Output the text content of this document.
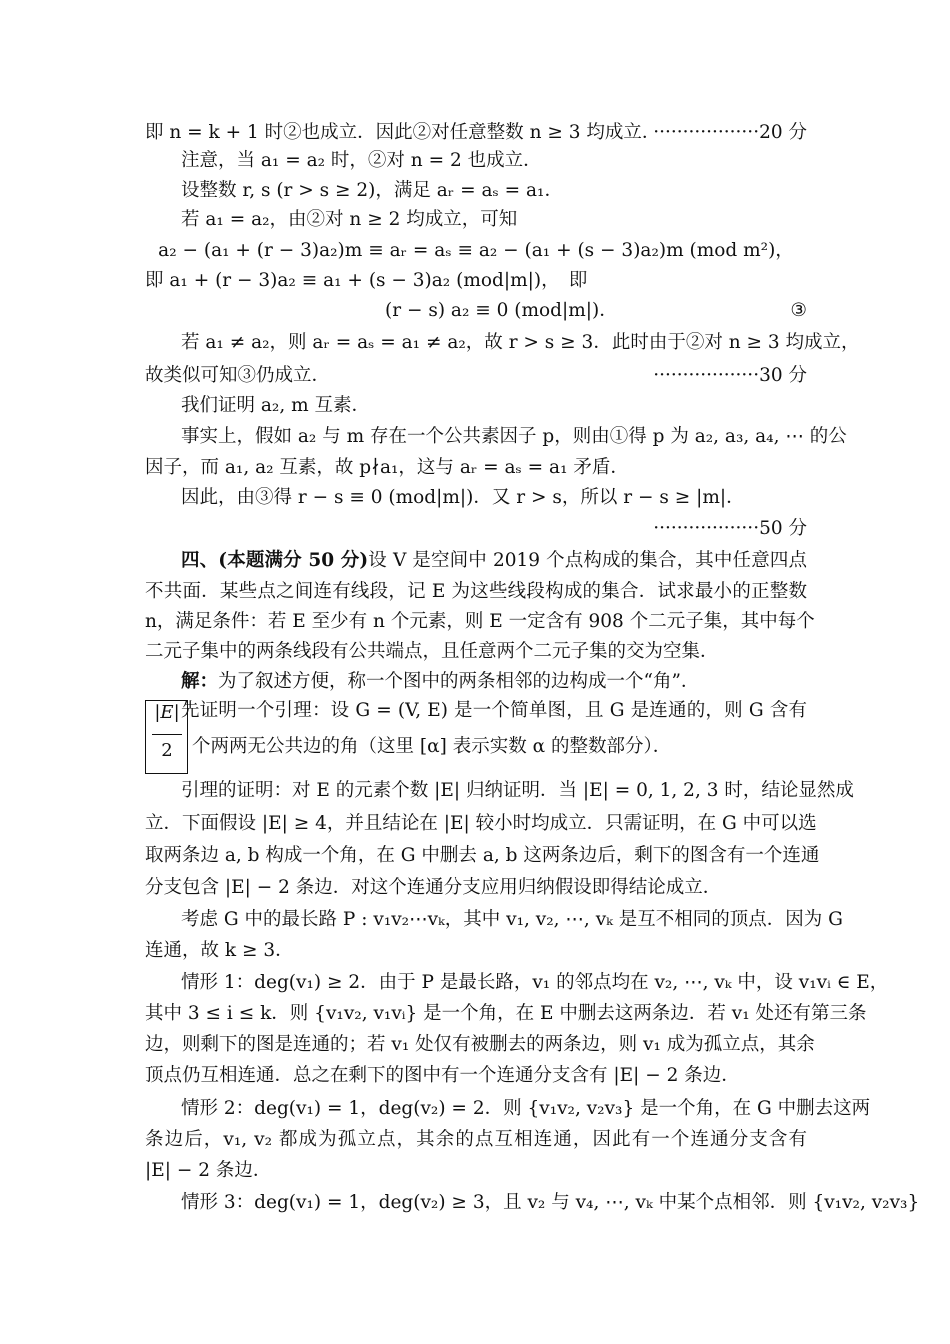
即 n = k + 1 时②也成立．因此②对任意整数 n ≥ 3 均成立．
··················20 分
注意，当 a₁ = a₂ 时，②对 n = 2 也成立．
设整数 r, s (r > s ≥ 2)，满足 aᵣ = aₛ = a₁．
若 a₁ = a₂，由②对 n ≥ 2 均成立，可知
a₂ − (a₁ + (r − 3)a₂)m ≡ aᵣ = aₛ ≡ a₂ − (a₁ + (s − 3)a₂)m (mod m²)，
即 a₁ + (r − 3)a₂ ≡ a₁ + (s − 3)a₂ (mod|m|)，　即
(r − s) a₂ ≡ 0 (mod|m|)．	③
若 a₁ ≠ a₂，则 aᵣ = aₛ = a₁ ≠ a₂，故 r > s ≥ 3．此时由于②对 n ≥ 3 均成立，
故类似可知③仍成立．	··················30 分
我们证明 a₂, m 互素．
事实上，假如 a₂ 与 m 存在一个公共素因子 p，则由①得 p 为 a₂, a₃, a₄, ⋯ 的公
因子，而 a₁, a₂ 互素，故 p∤a₁，这与 aᵣ = aₛ = a₁ 矛盾．
因此，由③得 r − s ≡ 0 (mod|m|)．又 r > s，所以 r − s ≥ |m|．
··················50 分
四、(本题满分 50 分)设 V 是空间中 2019 个点构成的集合，其中任意四点
不共面．某些点之间连有线段，记 E 为这些线段构成的集合．试求最小的正整数
n，满足条件：若 E 至少有 n 个元素，则 E 一定含有 908 个二元子集，其中每个
二元子集中的两条线段有公共端点，且任意两个二元子集的交为空集．
解：为了叙述方便，称一个图中的两条相邻的边构成一个“角”．
先证明一个引理：设 G = (V, E) 是一个简单图，且 G 是连通的，则 G 含有
|E|
2	个两两无公共边的角（这里 [α] 表示实数 α 的整数部分）．
引理的证明：对 E 的元素个数 |E| 归纳证明．当 |E| = 0, 1, 2, 3 时，结论显然成
立．下面假设 |E| ≥ 4，并且结论在 |E| 较小时均成立．只需证明，在 G 中可以选
取两条边 a, b 构成一个角，在 G 中删去 a, b 这两条边后，剩下的图含有一个连通
分支包含 |E| − 2 条边．对这个连通分支应用归纳假设即得结论成立．
考虑 G 中的最长路 P : v₁v₂⋯vₖ，其中 v₁, v₂, ⋯, vₖ 是互不相同的顶点．因为 G
连通，故 k ≥ 3．
情形 1：deg(v₁) ≥ 2．由于 P 是最长路，v₁ 的邻点均在 v₂, ⋯, vₖ 中，设 v₁vᵢ ∈ E，
其中 3 ≤ i ≤ k．则 {v₁v₂, v₁vᵢ} 是一个角，在 E 中删去这两条边．若 v₁ 处还有第三条
边，则剩下的图是连通的；若 v₁ 处仅有被删去的两条边，则 v₁ 成为孤立点，其余
顶点仍互相连通．总之在剩下的图中有一个连通分支含有 |E| − 2 条边．
情形 2：deg(v₁) = 1，deg(v₂) = 2．则 {v₁v₂, v₂v₃} 是一个角，在 G 中删去这两
条边后，v₁, v₂ 都成为孤立点，其余的点互相连通，因此有一个连通分支含有
|E| − 2 条边．
情形 3：deg(v₁) = 1，deg(v₂) ≥ 3，且 v₂ 与 v₄, ⋯, vₖ 中某个点相邻．则 {v₁v₂, v₂v₃}
